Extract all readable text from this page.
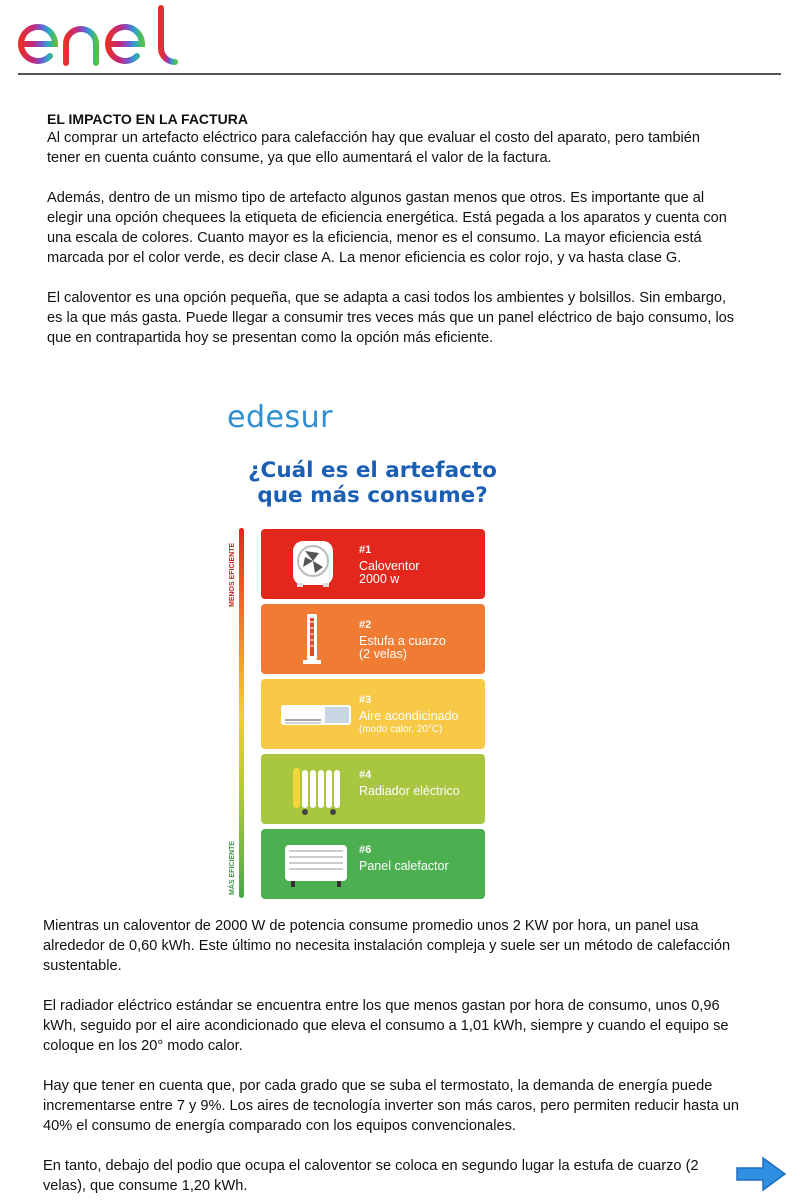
enel
EL IMPACTO EN LA FACTURA

Al comprar un artefacto eléctrico para calefacción hay que evaluar el costo del aparato, pero también tener en cuenta cuánto consume, ya que ello aumentará el valor de la factura.

Además, dentro de un mismo tipo de artefacto algunos gastan menos que otros. Es importante que al elegir una opción chequees la etiqueta de eficiencia energética. Está pegada a los aparatos y cuenta con una escala de colores. Cuanto mayor es la eficiencia, menor es el consumo. La mayor eficiencia está marcada por el color verde, es decir clase A. La menor eficiencia es color rojo, y va hasta clase G.

El caloventor es una opción pequeña, que se adapta a casi todos los ambientes y bolsillos. Sin embargo, es la que más gasta. Puede llegar a consumir tres veces más que un panel eléctrico de bajo consumo, los que en contrapartida hoy se presentan como la opción más eficiente.

edesur
¿Cuál es el artefacto
que más consume?
MENOS EFICIENTE
MÁS EFICIENTE
#1
Caloventor
2000 w
#2
Estufa a cuarzo
(2 velas)
#3
Aire acondicinado
(modo calor, 20°C)
#4
Radiador eléctrico
#6
Panel calefactor

Mientras un caloventor de 2000 W de potencia consume promedio unos 2 KW por hora, un panel usa alrededor de 0,60 kWh. Este último no necesita instalación compleja y suele ser un método de calefacción sustentable.

El radiador eléctrico estándar se encuentra entre los que menos gastan por hora de consumo, unos 0,96 kWh, seguido por el aire acondicionado que eleva el consumo a 1,01 kWh, siempre y cuando el equipo se coloque en los 20° modo calor.

Hay que tener en cuenta que, por cada grado que se suba el termostato, la demanda de energía puede incrementarse entre 7 y 9%. Los aires de tecnología inverter son más caros, pero permiten reducir hasta un 40% el consumo de energía comparado con los equipos convencionales.

En tanto, debajo del podio que ocupa el caloventor se coloca en segundo lugar la estufa de cuarzo (2 velas), que consume 1,20 kWh.
